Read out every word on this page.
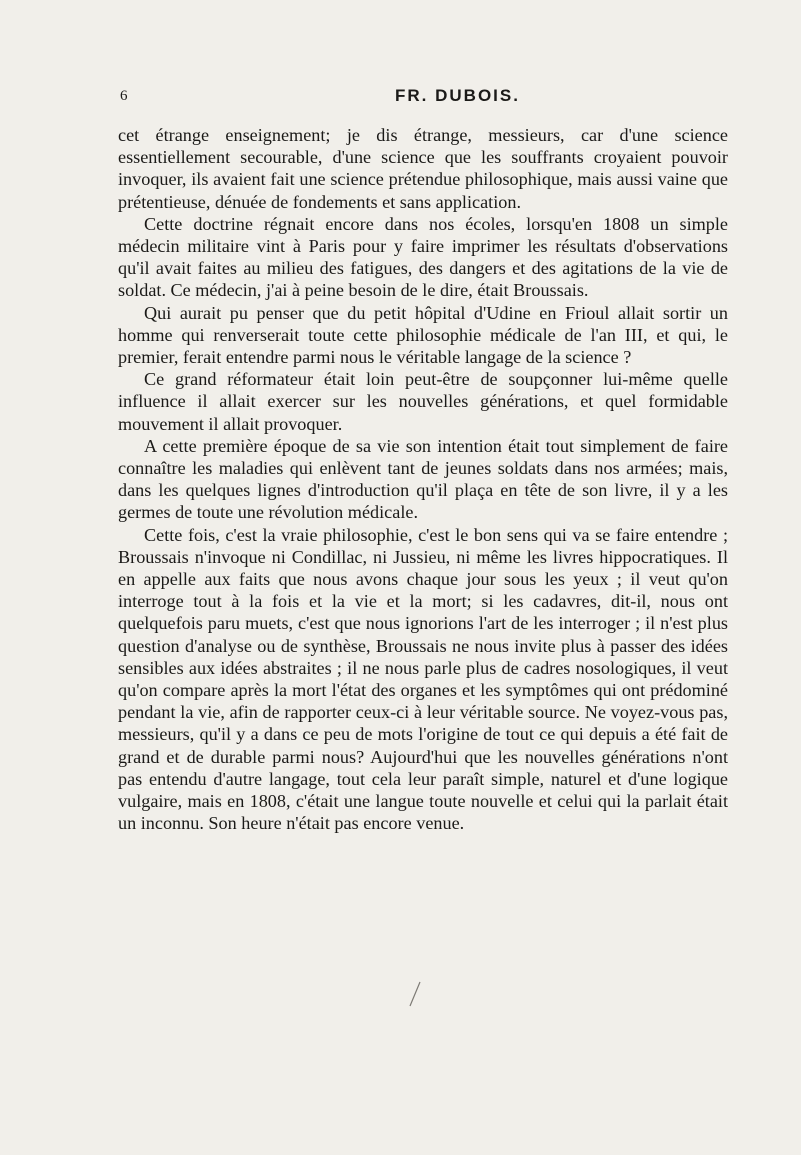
6	FR. DUBOIS.

cet étrange enseignement; je dis étrange, messieurs, car d'une science essentiellement secourable, d'une science que les souffrants croyaient pouvoir invoquer, ils avaient fait une science prétendue philosophique, mais aussi vaine que prétentieuse, dénuée de fondements et sans application.

Cette doctrine régnait encore dans nos écoles, lorsqu'en 1808 un simple médecin militaire vint à Paris pour y faire imprimer les résultats d'observations qu'il avait faites au milieu des fatigues, des dangers et des agitations de la vie de soldat. Ce médecin, j'ai à peine besoin de le dire, était Broussais.

Qui aurait pu penser que du petit hôpital d'Udine en Frioul allait sortir un homme qui renverserait toute cette philosophie médicale de l'an III, et qui, le premier, ferait entendre parmi nous le véritable langage de la science ?

Ce grand réformateur était loin peut-être de soupçonner lui-même quelle influence il allait exercer sur les nouvelles générations, et quel formidable mouvement il allait provoquer.

A cette première époque de sa vie son intention était tout simplement de faire connaître les maladies qui enlèvent tant de jeunes soldats dans nos armées; mais, dans les quelques lignes d'introduction qu'il plaça en tête de son livre, il y a les germes de toute une révolution médicale.

Cette fois, c'est la vraie philosophie, c'est le bon sens qui va se faire entendre ; Broussais n'invoque ni Condillac, ni Jussieu, ni même les livres hippocratiques. Il en appelle aux faits que nous avons chaque jour sous les yeux ; il veut qu'on interroge tout à la fois et la vie et la mort; si les cadavres, dit-il, nous ont quelquefois paru muets, c'est que nous ignorions l'art de les interroger ; il n'est plus question d'analyse ou de synthèse, Broussais ne nous invite plus à passer des idées sensibles aux idées abstraites ; il ne nous parle plus de cadres nosologiques, il veut qu'on compare après la mort l'état des organes et les symptômes qui ont prédominé pendant la vie, afin de rapporter ceux-ci à leur véritable source. Ne voyez-vous pas, messieurs, qu'il y a dans ce peu de mots l'origine de tout ce qui depuis a été fait de grand et de durable parmi nous? Aujourd'hui que les nouvelles générations n'ont pas entendu d'autre langage, tout cela leur paraît simple, naturel et d'une logique vulgaire, mais en 1808, c'était une langue toute nouvelle et celui qui la parlait était un inconnu. Son heure n'était pas encore venue.
